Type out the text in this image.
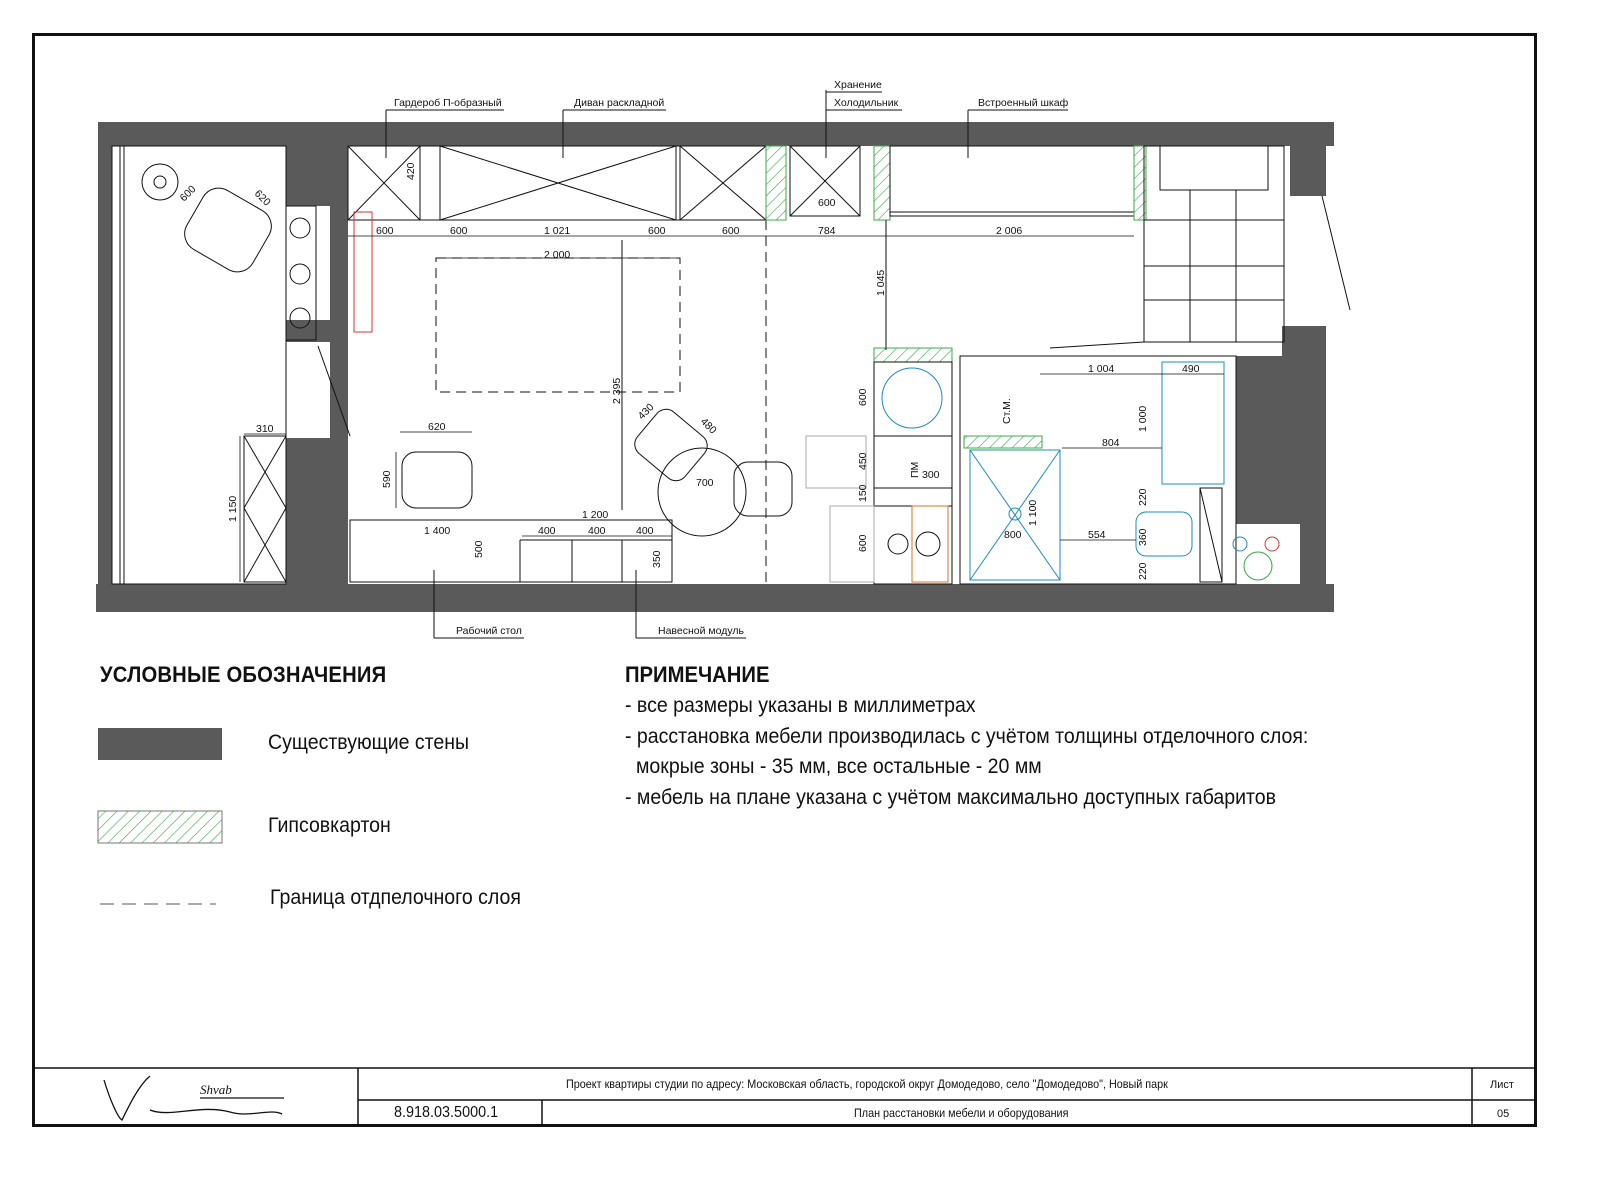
Гардероб П-образный	Диван раскладной
Хранение
Холодильник	Встроенный шкаф
Рабочий стол	Навесной модуль
ПМ
Ст.М.
600	620
420
600	600	1 021	600	600
600
784	2 006
2 000
1 045
2 395
430
480
700
620
590
310
1 150	1 200
1 400	400	400	400
500
350
600
450
150
300
600
1 004	490
1 000
804
1 100
800	554
220
360
220
Shvab
УСЛОВНЫЕ ОБОЗНАЧЕНИЯ
Существующие стены
Гипсовкартон
Граница отдпелочного слоя
ПРИМЕЧАНИЕ
- все размеры указаны в миллиметрах
- расстановка мебели производилась с учётом толщины отделочного слоя:
мокрые зоны - 35 мм, все остальные - 20 мм
- мебель на плане указана с учётом максимально доступных габаритов
Проект квартиры студии по адресу: Московская область, городской округ Домодедово, село "Домодедово", Новый парк
8.918.03.5000.1	План расстановки мебели и оборудования
Лист
05
